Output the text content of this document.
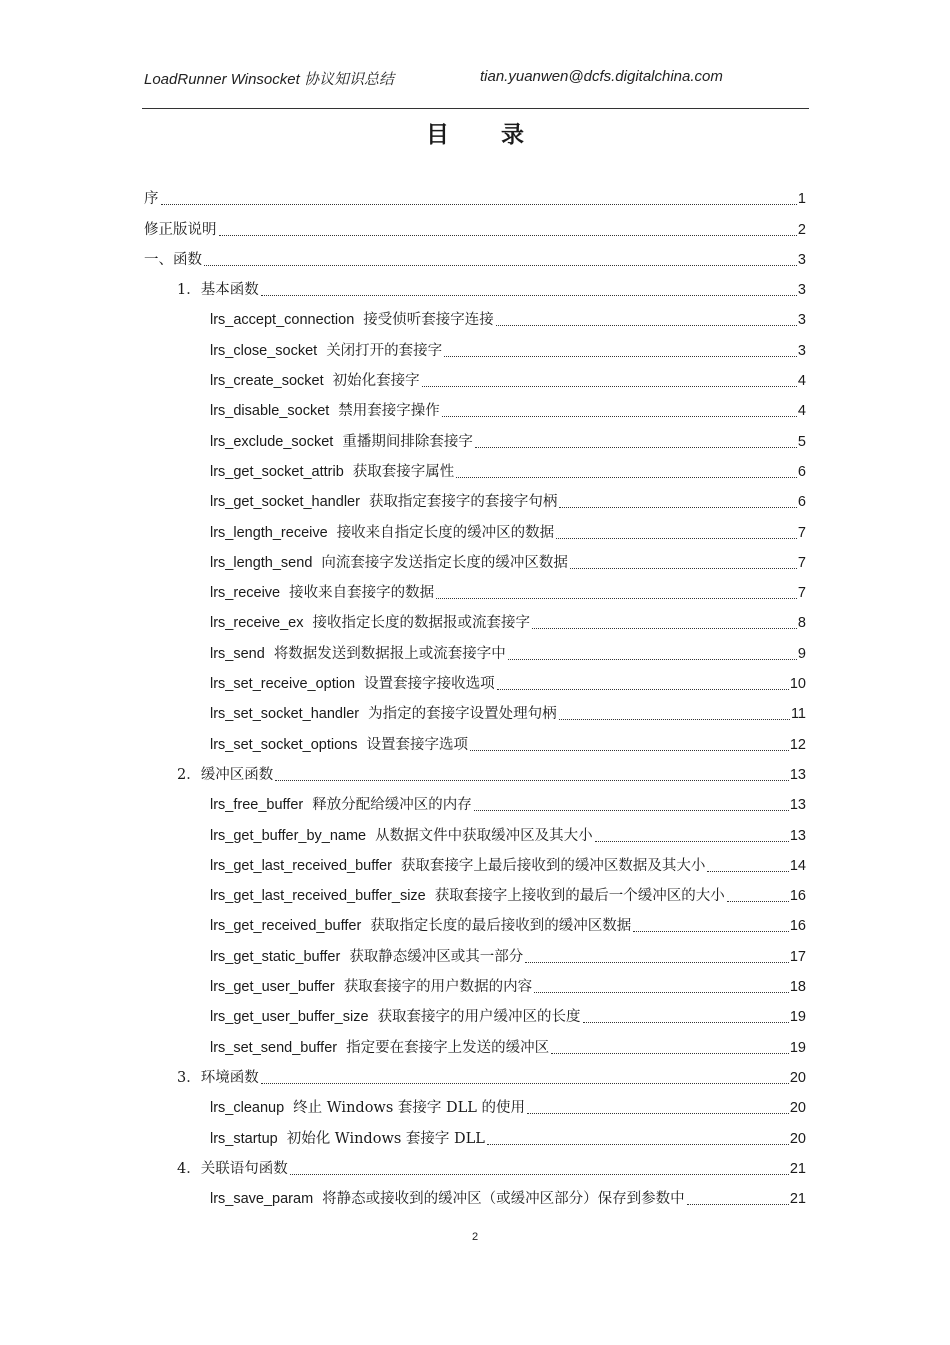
LoadRunner Winsocket 协议知识总结	tian.yuanwen@dcfs.digitalchina.com
目 录
序	1
修正版说明	2
一、函数	3
1．基本函数	3
lrs_accept_connection 接受侦听套接字连接	3
lrs_close_socket 关闭打开的套接字	3
lrs_create_socket 初始化套接字	4
lrs_disable_socket 禁用套接字操作	4
lrs_exclude_socket 重播期间排除套接字	5
lrs_get_socket_attrib 获取套接字属性	6
lrs_get_socket_handler 获取指定套接字的套接字句柄	6
lrs_length_receive 接收来自指定长度的缓冲区的数据	7
lrs_length_send 向流套接字发送指定长度的缓冲区数据	7
lrs_receive 接收来自套接字的数据	7
lrs_receive_ex 接收指定长度的数据报或流套接字	8
lrs_send 将数据发送到数据报上或流套接字中	9
lrs_set_receive_option 设置套接字接收选项	10
lrs_set_socket_handler 为指定的套接字设置处理句柄	11
lrs_set_socket_options 设置套接字选项	12
2．缓冲区函数	13
lrs_free_buffer 释放分配给缓冲区的内存	13
lrs_get_buffer_by_name 从数据文件中获取缓冲区及其大小	13
lrs_get_last_received_buffer 获取套接字上最后接收到的缓冲区数据及其大小	14
lrs_get_last_received_buffer_size 获取套接字上接收到的最后一个缓冲区的大小	16
lrs_get_received_buffer 获取指定长度的最后接收到的缓冲区数据	16
lrs_get_static_buffer 获取静态缓冲区或其一部分	17
lrs_get_user_buffer 获取套接字的用户数据的内容	18
lrs_get_user_buffer_size 获取套接字的用户缓冲区的长度	19
lrs_set_send_buffer 指定要在套接字上发送的缓冲区	19
3．环境函数	20
lrs_cleanup 终止 Windows 套接字 DLL 的使用	20
lrs_startup 初始化 Windows 套接字 DLL	20
4．关联语句函数	21
lrs_save_param 将静态或接收到的缓冲区（或缓冲区部分）保存到参数中	21
2
